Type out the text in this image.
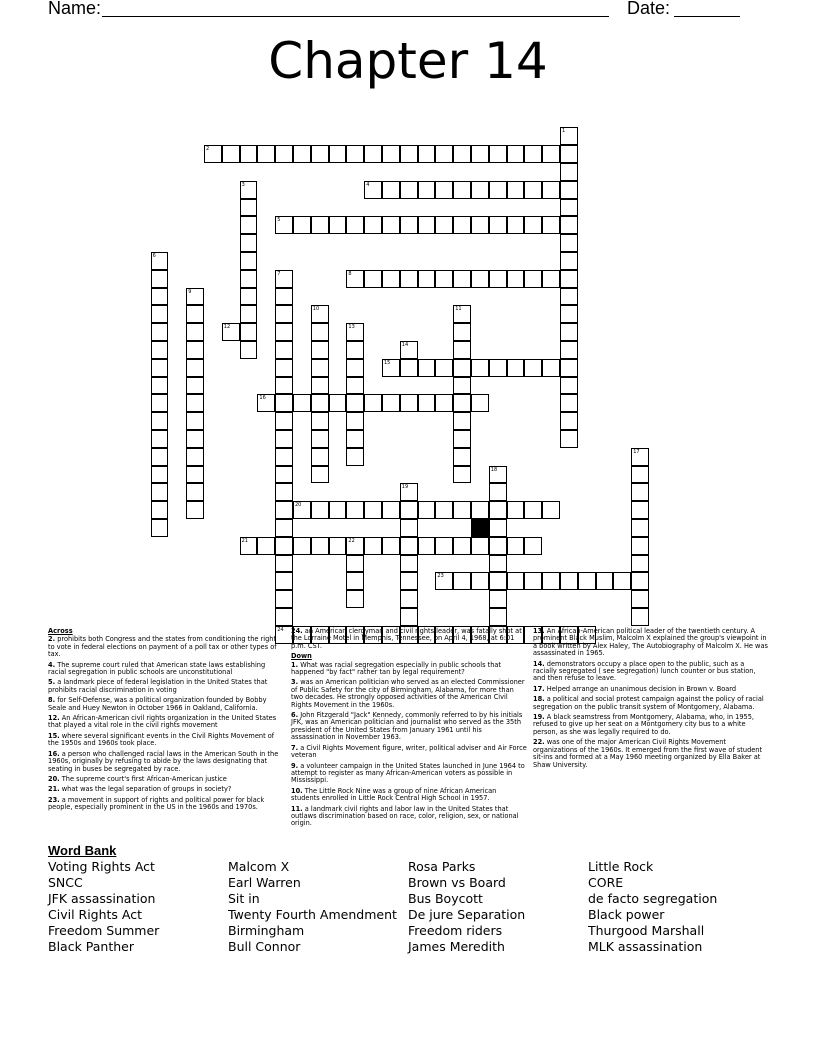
Name:	Date:
Chapter 14
1
2
3	4
5
6
7	8
9
10	11
12	13
14
15
16
17
18
19
20
21	22
23
24
Across
2. prohibits both Congress and the states from conditioning the right to vote in federal elections on payment of a poll tax or other types of tax.
4. The supreme court ruled that American state laws establishing racial segregation in public schools are unconstitutional
5. a landmark piece of federal legislation in the United States that prohibits racial discrimination in voting
8. for Self-Defense, was a political organization founded by Bobby Seale and Huey Newton in October 1966 in Oakland, California.
12. An African-American civil rights organization in the United States that played a vital role in the civil rights movement
15. where several significant events in the Civil Rights Movement of the 1950s and 1960s took place.
16. a person who challenged racial laws in the American South in the 1960s, originally by refusing to abide by the laws designating that seating in buses be segregated by race.
20. The supreme court's first African-American justice
21. what was the legal separation of groups in society?
23. a movement in support of rights and political power for black people, especially prominent in the US in the 1960s and 1970s.
24. an American clergyman and civil rights leader, was fatally shot at the Lorraine Motel in Memphis, Tennessee, on April 4, 1968, at 6:01 p.m. CST.
Down
1. What was racial segregation especially in public schools that happened "by fact" rather tan by legal requirement?
3. was an American politician who served as an elected Commissioner of Public Safety for the city of Birmingham, Alabama, for more than two decades. He strongly opposed activities of the American Civil Rights Movement in the 1960s.
6. John Fitzgerald "Jack" Kennedy, commonly referred to by his initials JFK, was an American politician and journalist who served as the 35th president of the United States from January 1961 until his assassination in November 1963.
7. a Civil Rights Movement figure, writer, political adviser and Air Force veteran
9. a volunteer campaign in the United States launched in June 1964 to attempt to register as many African-American voters as possible in Mississippi.
10. The Little Rock Nine was a group of nine African American students enrolled in Little Rock Central High School in 1957.
11. a landmark civil rights and labor law in the United States that outlaws discrimination based on race, color, religion, sex, or national origin.
13. An African-American political leader of the twentieth century. A prominent Black Muslim, Malcolm X explained the group's viewpoint in a book written by Alex Haley, The Autobiography of Malcolm X. He was assassinated in 1965.
14. demonstrators occupy a place open to the public, such as a racially segregated ( see segregation) lunch counter or bus station, and then refuse to leave.
17. Helped arrange an unanimous decision in Brown v. Board
18. a political and social protest campaign against the policy of racial segregation on the public transit system of Montgomery, Alabama.
19. A black seamstress from Montgomery, Alabama, who, in 1955, refused to give up her seat on a Montgomery city bus to a white person, as she was legally required to do.
22. was one of the major American Civil Rights Movement organizations of the 1960s. It emerged from the first wave of student sit-ins and formed at a May 1960 meeting organized by Ella Baker at Shaw University.
Word Bank
Voting Rights Act
SNCC
JFK assassination
Civil Rights Act
Freedom Summer
Black Panther
Malcom X
Earl Warren
Sit in
Twenty Fourth Amendment
Birmingham
Bull Connor
Rosa Parks
Brown vs Board
Bus Boycott
De jure Separation
Freedom riders
James Meredith
Little Rock
CORE
de facto segregation
Black power
Thurgood Marshall
MLK assassination
